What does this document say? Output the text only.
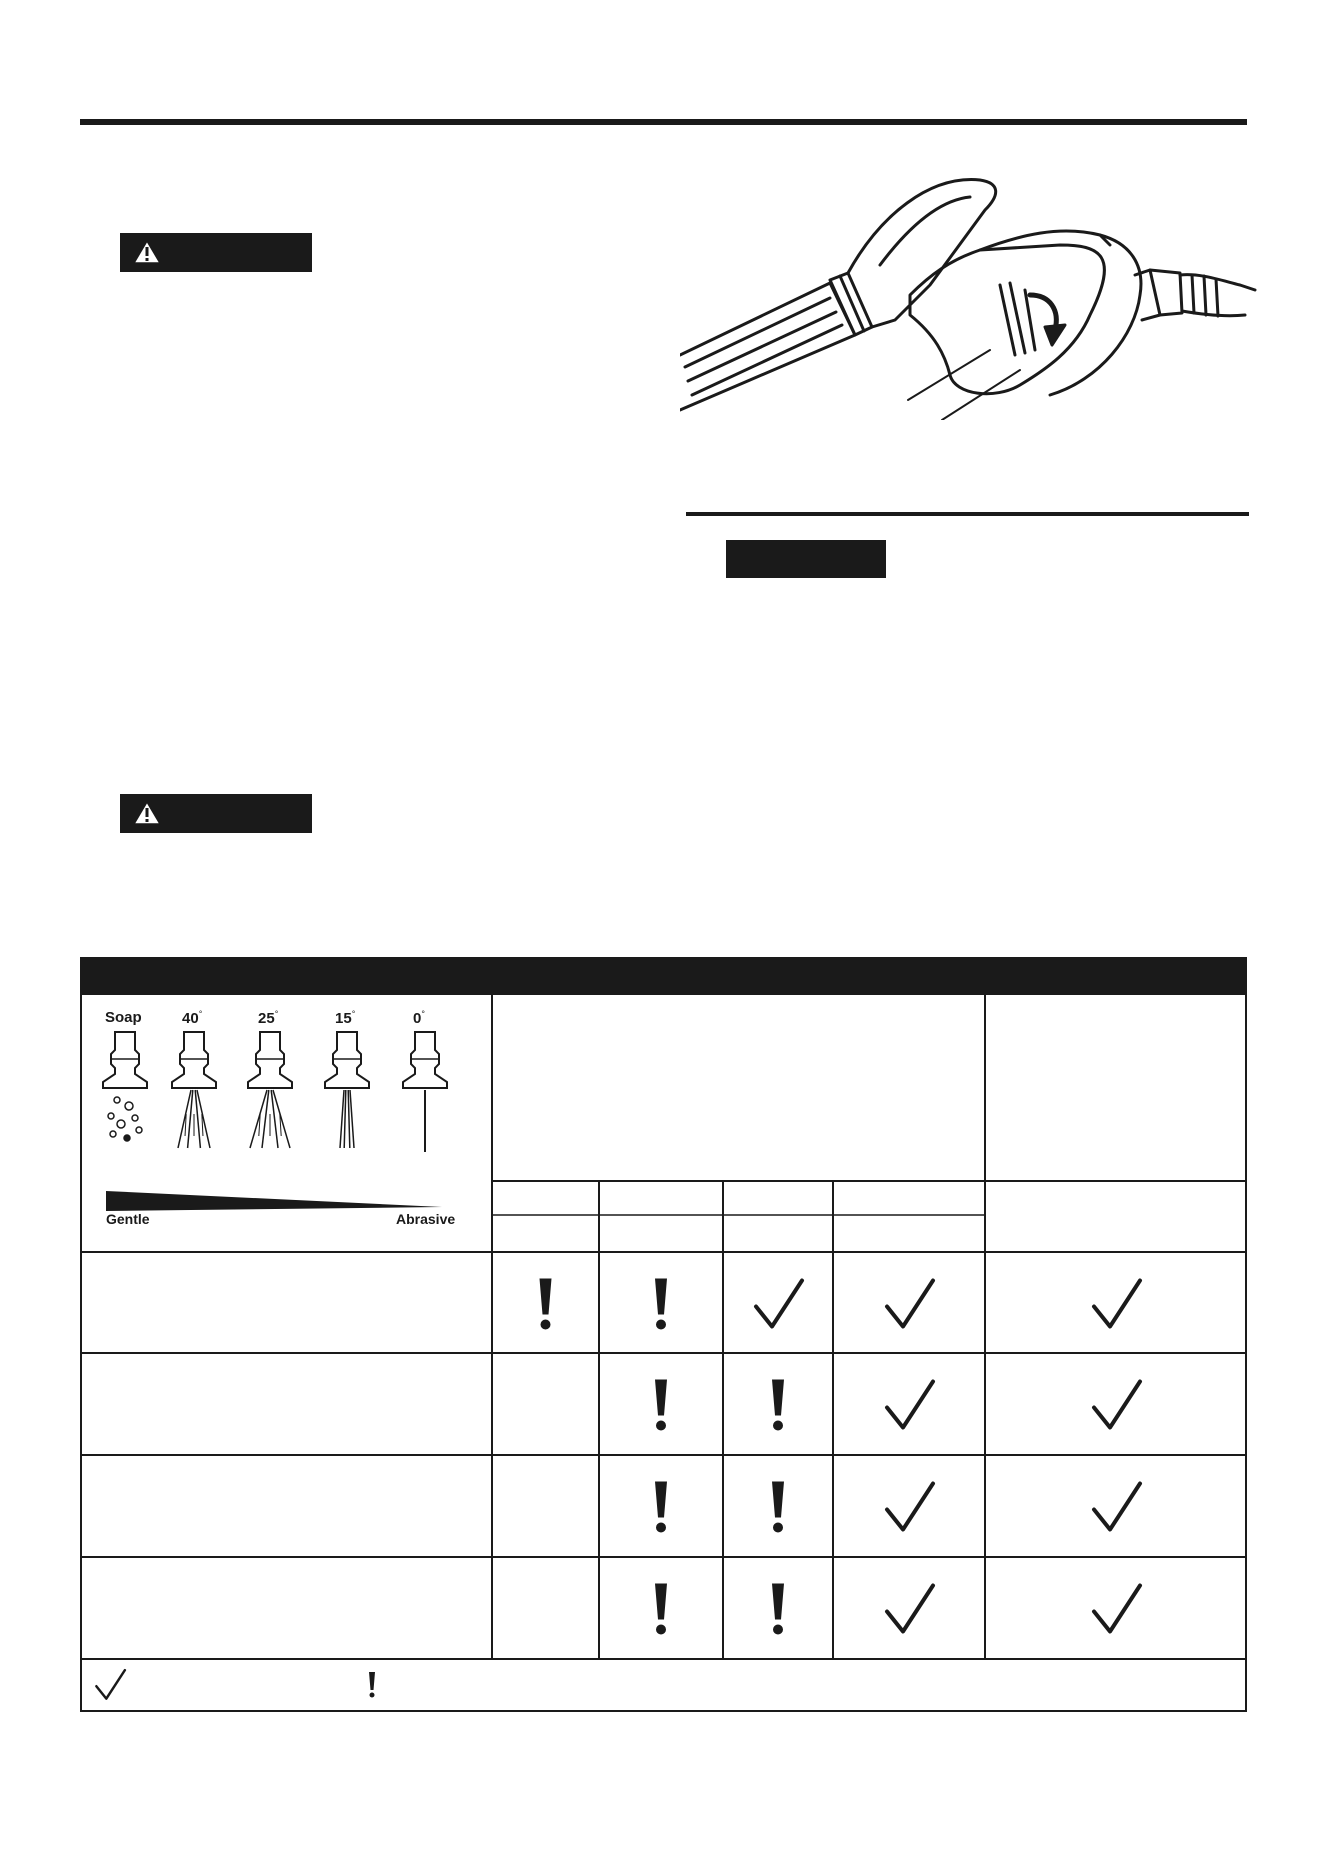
Soap	40°	25°	15°	0°
Gentle	Abrasive
